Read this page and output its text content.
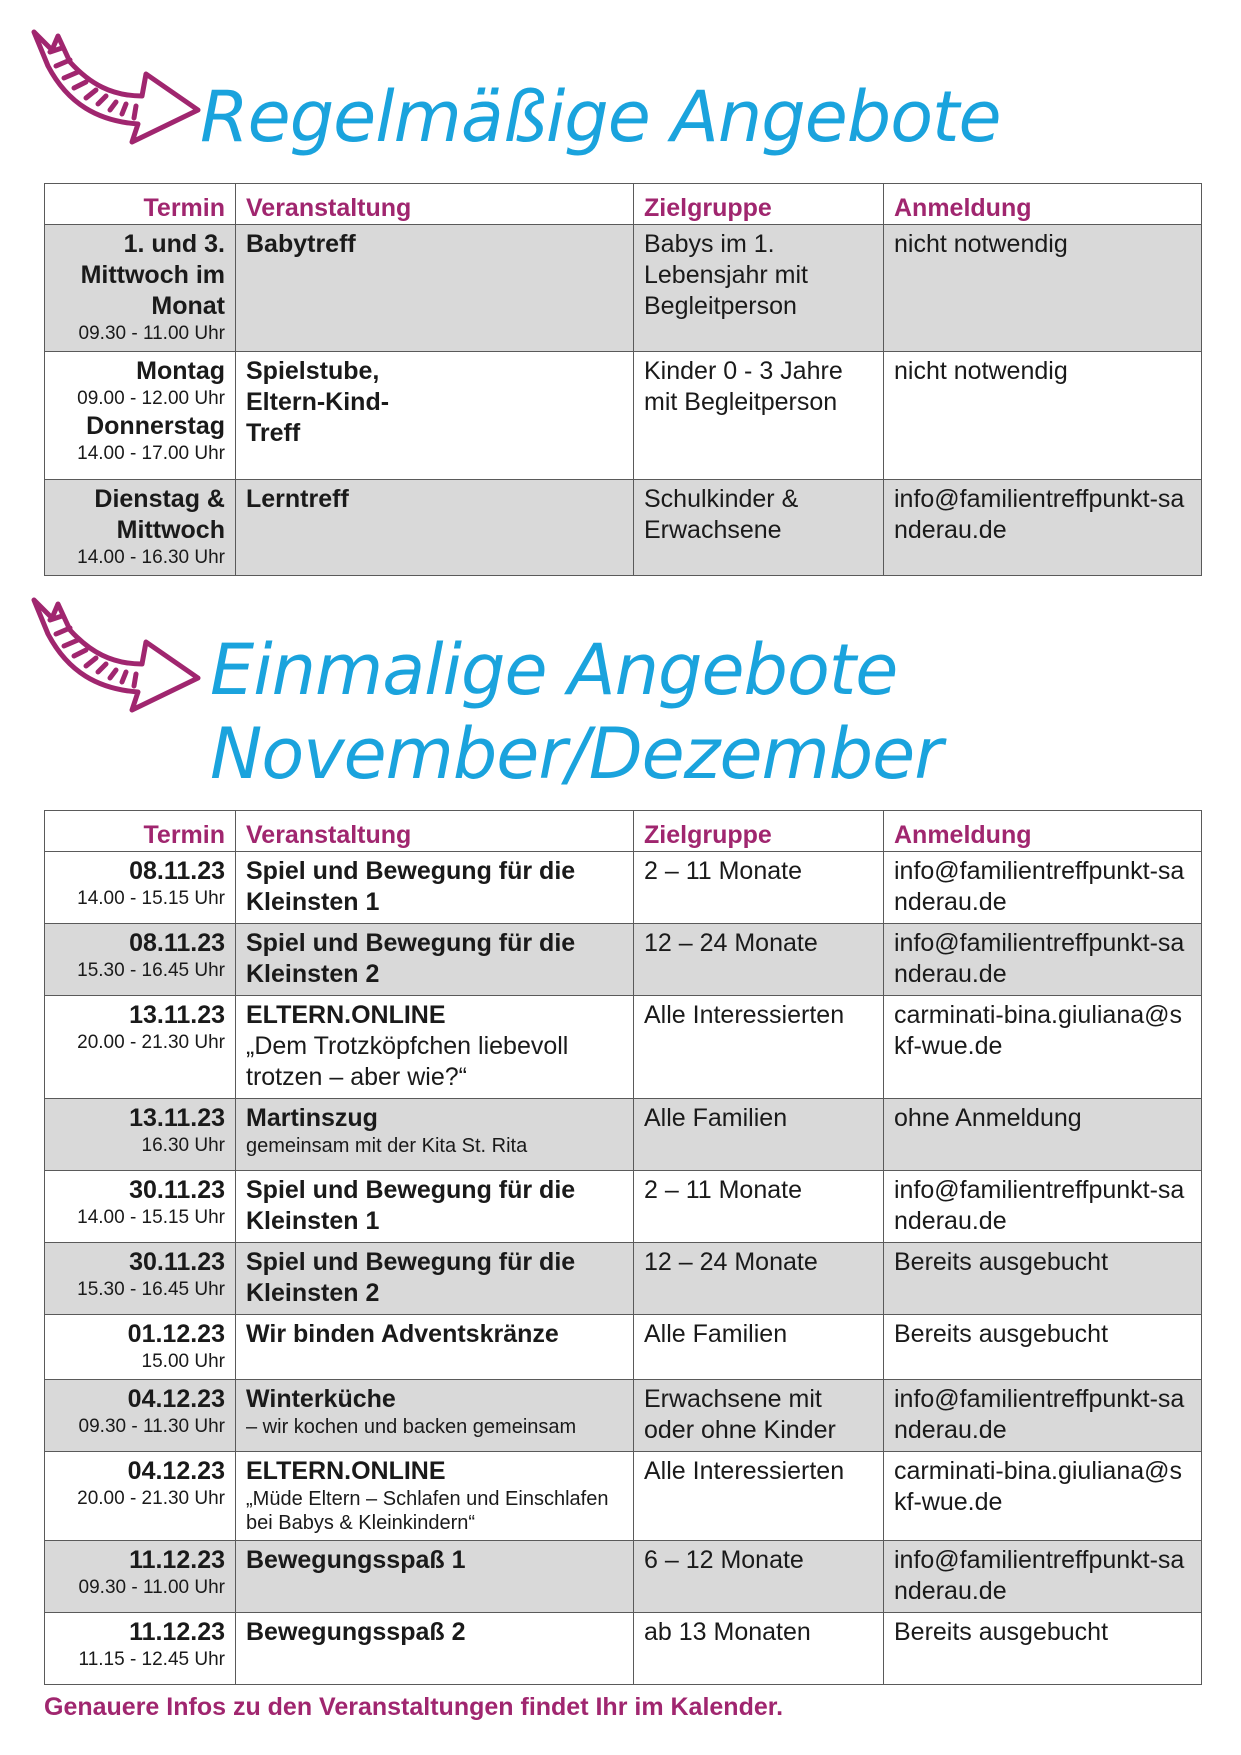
Regelmäßige Angebote
Termin	Veranstaltung	Zielgruppe	Anmeldung

1. und 3. Mittwoch im Monat
09.30 - 11.00 Uhr	Babytreff	Babys im 1. Lebensjahr mit Begleitperson	nicht notwendig

Montag
09.00 - 12.00 Uhr
Donnerstag
14.00 - 17.00 Uhr	Spielstube, Eltern-Kind-Treff	Kinder 0 - 3 Jahre mit Begleitperson	nicht notwendig

Dienstag & Mittwoch
14.00 - 16.30 Uhr	Lerntreff	Schulkinder & Erwachsene	info@familientreffpunkt-sanderau.de
Einmalige Angebote
November/Dezember
Termin	Veranstaltung	Zielgruppe	Anmeldung

08.11.23
14.00 - 15.15 Uhr	Spiel und Bewegung für die Kleinsten 1	2 – 11 Monate	info@familientreffpunkt-sanderau.de

08.11.23
15.30 - 16.45 Uhr	Spiel und Bewegung für die Kleinsten 2	12 – 24 Monate	info@familientreffpunkt-sanderau.de

13.11.23
20.00 - 21.30 Uhr	ELTERN.ONLINE
„Dem Trotzköpfchen liebevoll trotzen – aber wie?“	Alle Interessierten	carminati-bina.giuliana@skf-wue.de

13.11.23
16.30 Uhr	Martinszug
gemeinsam mit der Kita St. Rita	Alle Familien	ohne Anmeldung

30.11.23
14.00 - 15.15 Uhr	Spiel und Bewegung für die Kleinsten 1	2 – 11 Monate	info@familientreffpunkt-sanderau.de

30.11.23
15.30 - 16.45 Uhr	Spiel und Bewegung für die Kleinsten 2	12 – 24 Monate	Bereits ausgebucht

01.12.23
15.00 Uhr	Wir binden Adventskränze	Alle Familien	Bereits ausgebucht

04.12.23
09.30 - 11.30 Uhr	Winterküche
– wir kochen und backen gemeinsam	Erwachsene mit oder ohne Kinder	info@familientreffpunkt-sanderau.de

04.12.23
20.00 - 21.30 Uhr	ELTERN.ONLINE
„Müde Eltern – Schlafen und Einschlafen bei Babys & Kleinkindern“	Alle Interessierten	carminati-bina.giuliana@skf-wue.de

11.12.23
09.30 - 11.00 Uhr	Bewegungsspaß 1	6 – 12 Monate	info@familientreffpunkt-sanderau.de

11.12.23
11.15 - 12.45 Uhr	Bewegungsspaß 2	ab 13 Monaten	Bereits ausgebucht
Genauere Infos zu den Veranstaltungen findet Ihr im Kalender.
